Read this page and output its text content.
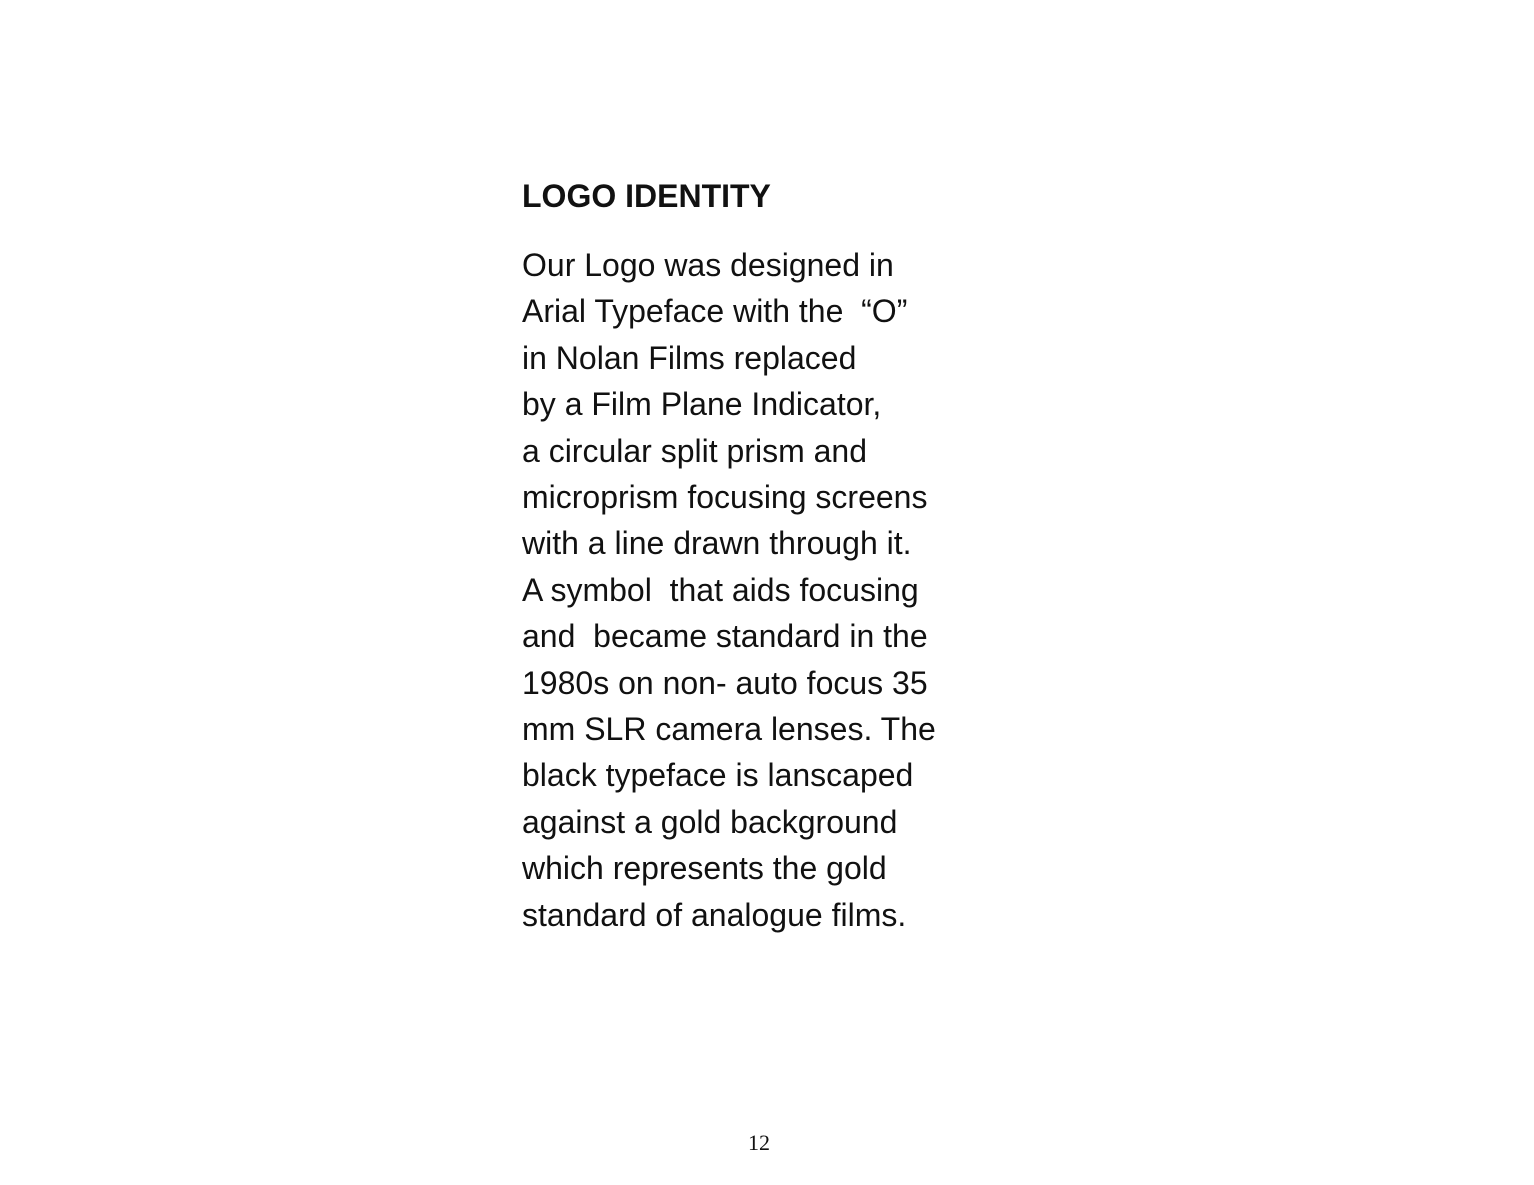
LOGO IDENTITY
Our Logo was designed in
Arial Typeface with the  “O”
in Nolan Films replaced
by a Film Plane Indicator,
a circular split prism and
microprism focusing screens
with a line drawn through it.
A symbol  that aids focusing
and  became standard in the
1980s on non- auto focus 35
mm SLR camera lenses. The
black typeface is lanscaped
against a gold background
which represents the gold
standard of analogue films.
12
